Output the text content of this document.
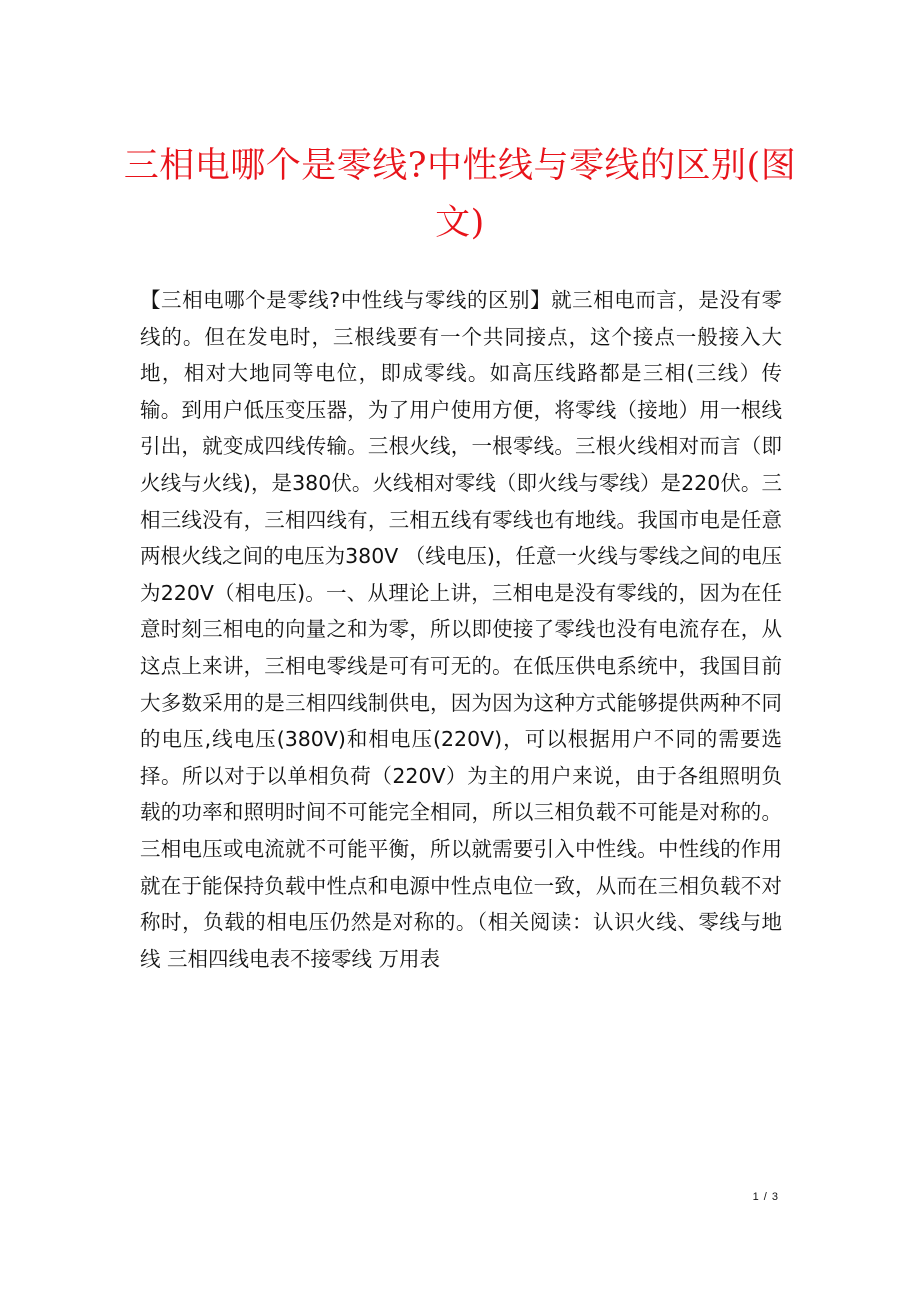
三相电哪个是零线?中性线与零线的区别(图文)

【三相电哪个是零线?中性线与零线的区别】就三相电而言，是没有零线的。但在发电时，三根线要有一个共同接点，这个接点一般接入大地，相对大地同等电位，即成零线。如高压线路都是三相(三线）传输。到用户低压变压器，为了用户使用方便，将零线（接地）用一根线引出，就变成四线传输。三根火线，一根零线。三根火线相对而言（即火线与火线)，是380伏。火线相对零线（即火线与零线）是220伏。三相三线没有，三相四线有，三相五线有零线也有地线。我国市电是任意两根火线之间的电压为380V （线电压)，任意一火线与零线之间的电压为220V（相电压)。一、从理论上讲，三相电是没有零线的，因为在任意时刻三相电的向量之和为零，所以即使接了零线也没有电流存在，从这点上来讲，三相电零线是可有可无的。在低压供电系统中，我国目前大多数采用的是三相四线制供电，因为因为这种方式能够提供两种不同的电压,线电压(380V)和相电压(220V)，可以根据用户不同的需要选择。所以对于以单相负荷（220V）为主的用户来说，由于各组照明负载的功率和照明时间不可能完全相同，所以三相负载不可能是对称的。三相电压或电流就不可能平衡，所以就需要引入中性线。中性线的作用就在于能保持负载中性点和电源中性点电位一致，从而在三相负载不对称时，负载的相电压仍然是对称的。（相关阅读：认识火线、零线与地线 三相四线电表不接零线 万用表

1 / 3
